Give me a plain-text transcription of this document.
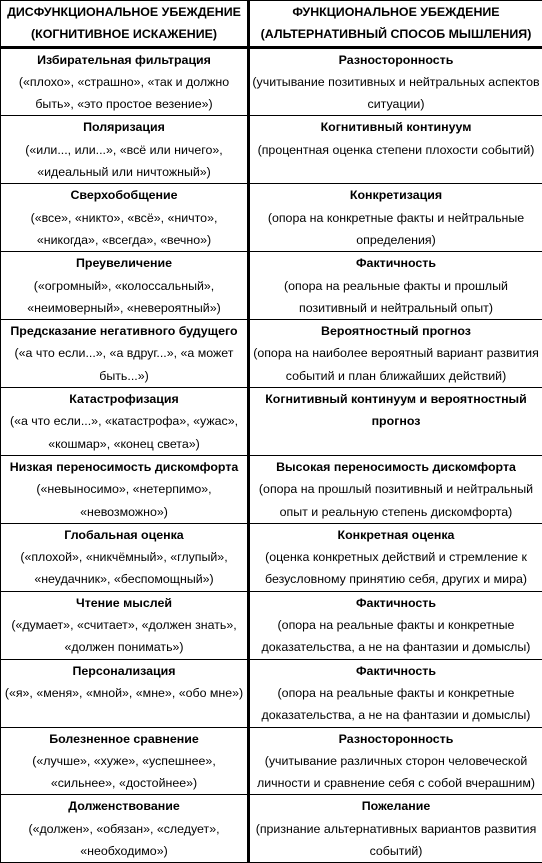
ДИСФУНКЦИОНАЛЬНОЕ УБЕЖДЕНИЕ
(КОГНИТИВНОЕ ИСКАЖЕНИЕ)	ФУНКЦИОНАЛЬНОЕ УБЕЖДЕНИЕ
(АЛЬТЕРНАТИВНЫЙ СПОСОБ МЫШЛЕНИЯ)

Избирательная фильтрация
(«плохо», «страшно», «так и должно быть», «это простое везение»)	Разносторонность
(учитывание позитивных и нейтральных аспектов ситуации)

Поляризация
(«или..., или...», «всё или ничего», «идеальный или ничтожный»)	Когнитивный континуум
(процентная оценка степени плохости событий)

Сверхобобщение
(«все», «никто», «всё», «ничто», «никогда», «всегда», «вечно»)	Конкретизация
(опора на конкретные факты и нейтральные определения)

Преувеличение
(«огромный», «колоссальный», «неимоверный», «невероятный»)	Фактичность
(опора на реальные факты и прошлый позитивный и нейтральный опыт)

Предсказание негативного будущего
(«а что если...», «а вдруг...», «а может быть...»)	Вероятностный прогноз
(опора на наиболее вероятный вариант развития событий и план ближайших действий)

Катастрофизация
(«а что если...», «катастрофа», «ужас», «кошмар», «конец света»)	Когнитивный континуум и вероятностный прогноз

Низкая переносимость дискомфорта
(«невыносимо», «нетерпимо», «невозможно»)	Высокая переносимость дискомфорта
(опора на прошлый позитивный и нейтральный опыт и реальную степень дискомфорта)

Глобальная оценка
(«плохой», «никчёмный», «глупый», «неудачник», «беспомощный»)	Конкретная оценка
(оценка конкретных действий и стремление к безусловному принятию себя, других и мира)

Чтение мыслей
(«думает», «считает», «должен знать», «должен понимать»)	Фактичность
(опора на реальные факты и конкретные доказательства, а не на фантазии и домыслы)

Персонализация
(«я», «меня», «мной», «мне», «обо мне»)	Фактичность
(опора на реальные факты и конкретные доказательства, а не на фантазии и домыслы)

Болезненное сравнение
(«лучше», «хуже», «успешнее», «сильнее», «достойнее»)	Разносторонность
(учитывание различных сторон человеческой личности и сравнение себя с собой вчерашним)

Долженствование
(«должен», «обязан», «следует», «необходимо»)	Пожелание
(признание альтернативных вариантов развития событий)
